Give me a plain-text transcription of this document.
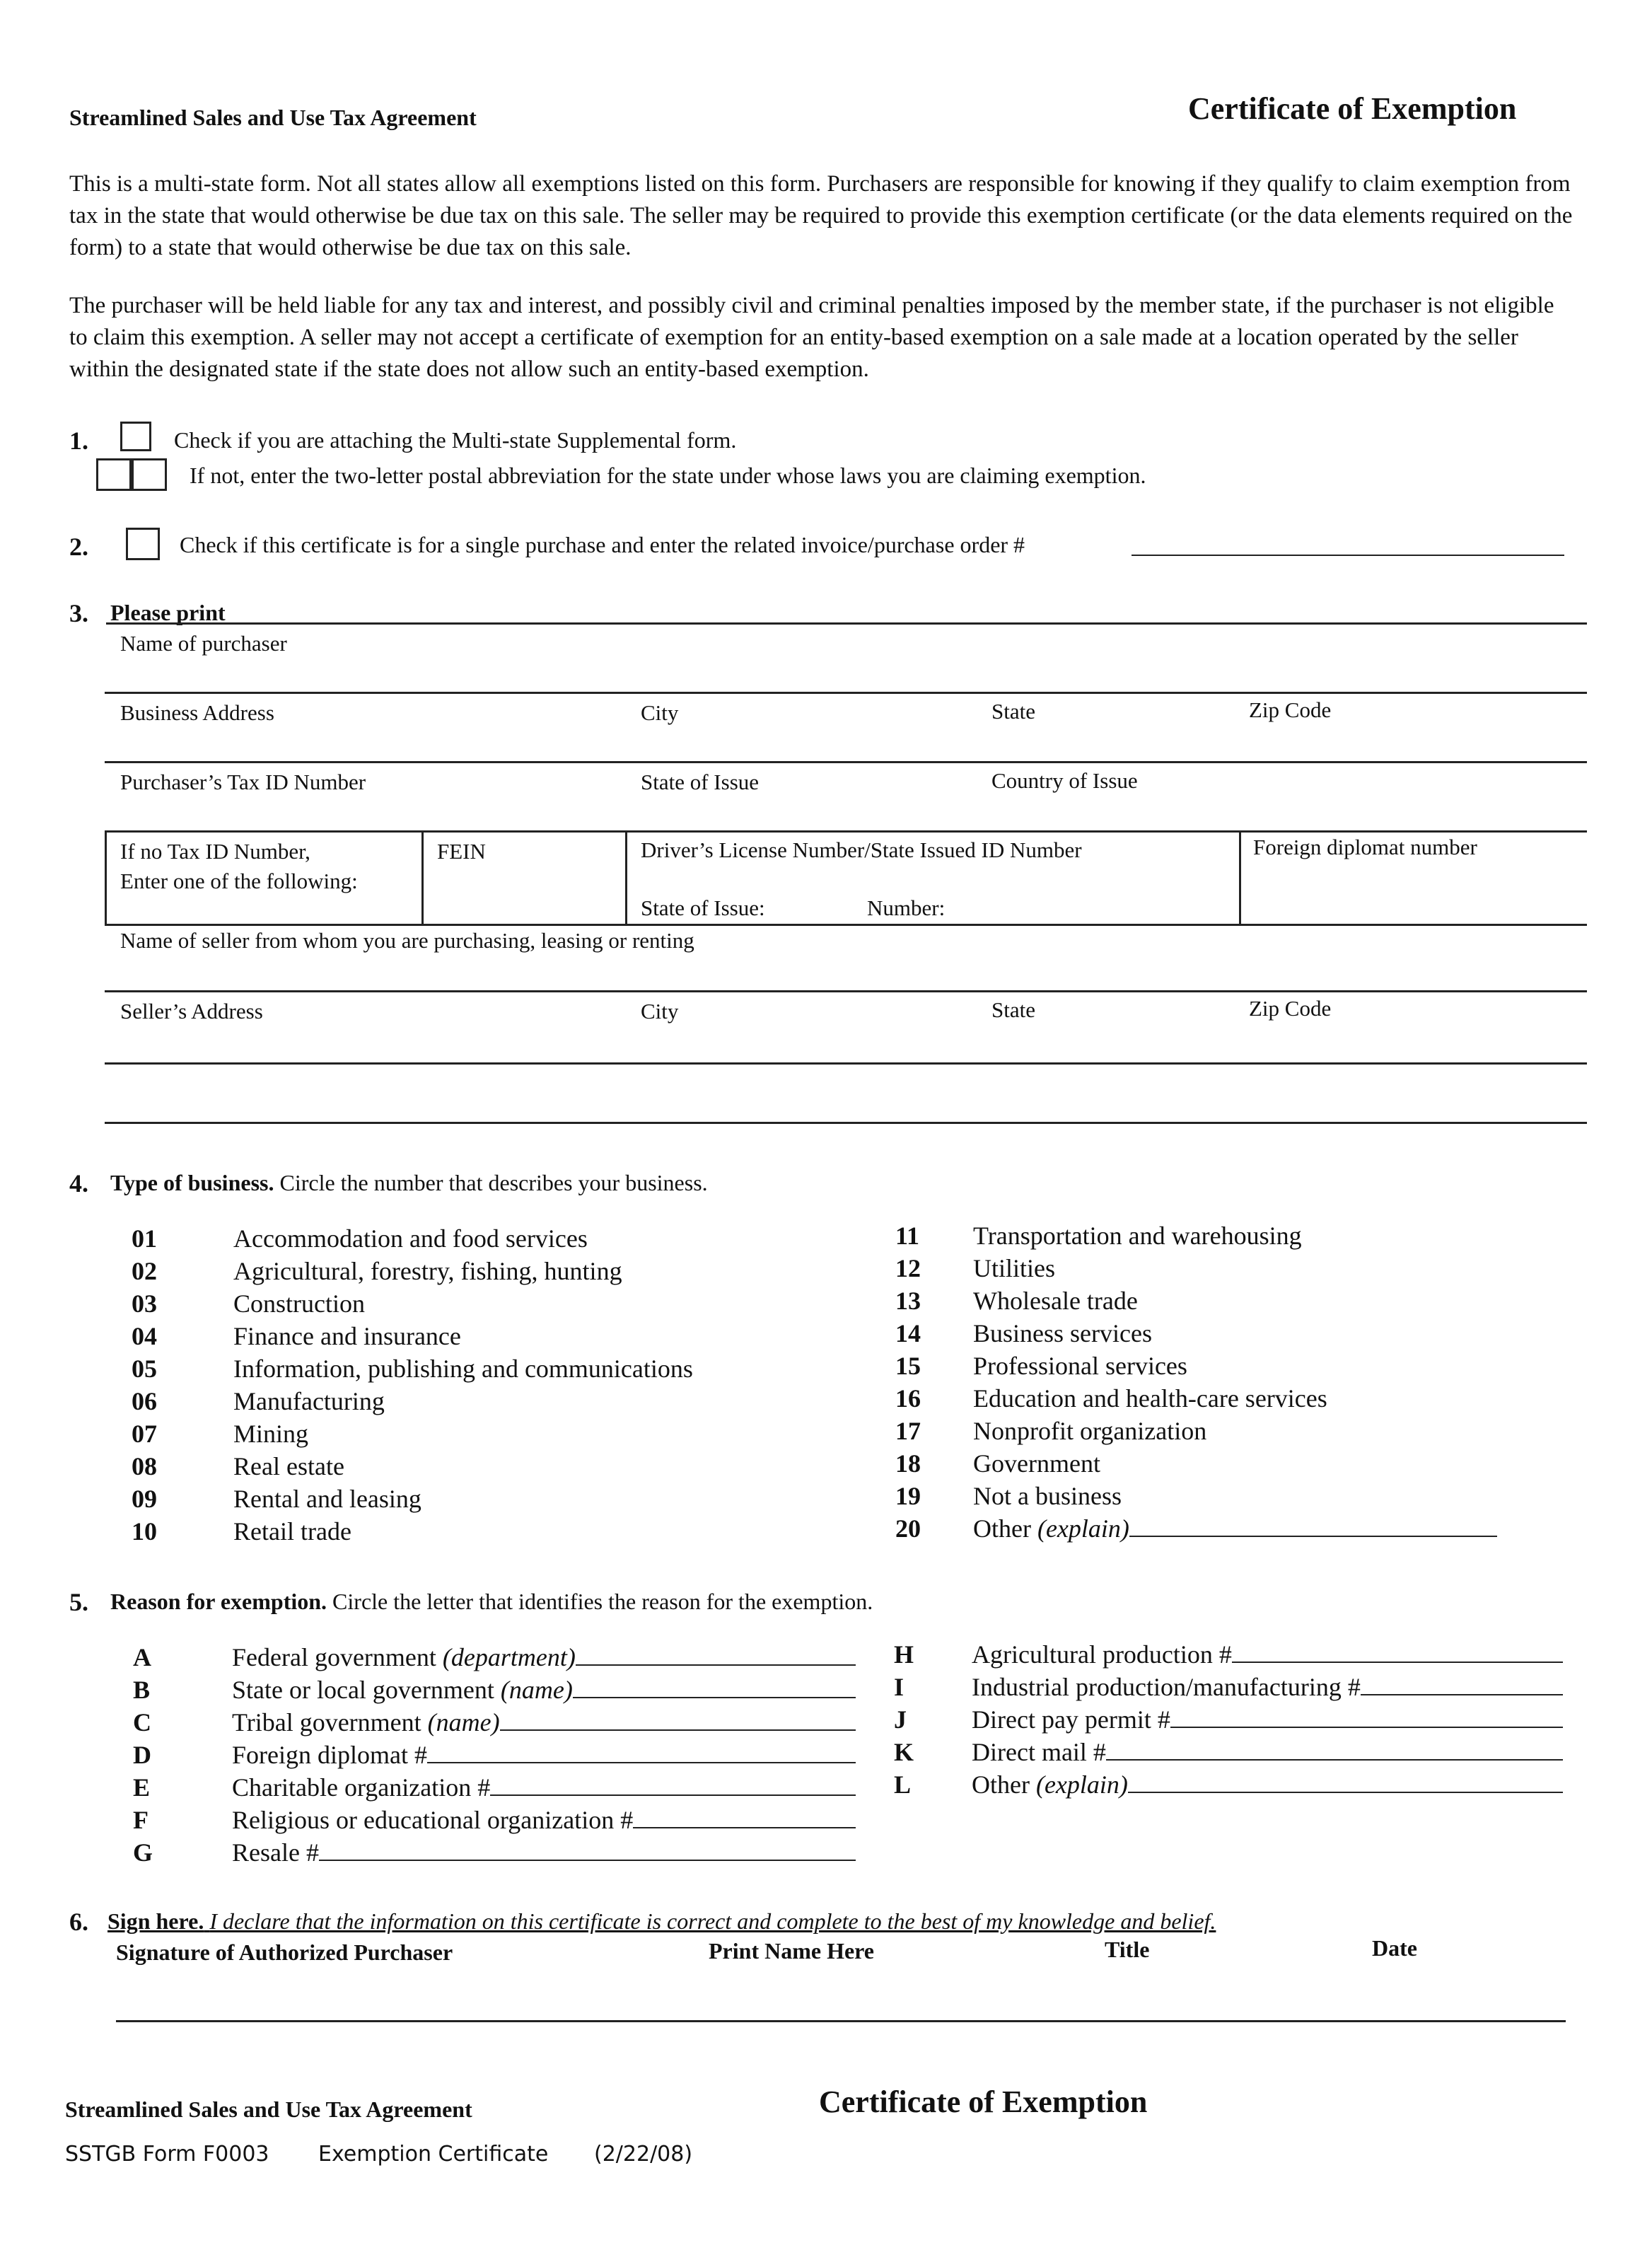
Streamlined Sales and Use Tax Agreement	Certificate of Exemption
This is a multi-state form. Not all states allow all exemptions listed on this form. Purchasers are responsible for knowing if they qualify to claim exemption from tax in the state that would otherwise be due tax on this sale. The seller may be required to provide this exemption certificate (or the data elements required on the form) to a state that would otherwise be due tax on this sale.
The purchaser will be held liable for any tax and interest, and possibly civil and criminal penalties imposed by the member state, if the purchaser is not eligible to claim this exemption. A seller may not accept a certificate of exemption for an entity-based exemption on a sale made at a location operated by the seller within the designated state if the state does not allow such an entity-based exemption.
1.	Check if you are attaching the Multi-state Supplemental form.
If not, enter the two-letter postal abbreviation for the state under whose laws you are claiming exemption.
2.	Check if this certificate is for a single purchase and enter the related invoice/purchase order #
3. Please print
Name of purchaser
Business Address	City	State	Zip Code
Purchaser’s Tax ID Number	State of Issue	Country of Issue
If no Tax ID Number,
Enter one of the following:
FEIN	Driver’s License Number/State Issued ID Number
State of Issue:	Number:
Foreign diplomat number
Name of seller from whom you are purchasing, leasing or renting
Seller’s Address	City	State	Zip Code
4. Type of business. Circle the number that describes your business.
01	Accommodation and food services
02	Agricultural, forestry, fishing, hunting
03	Construction
04	Finance and insurance
05	Information, publishing and communications
06	Manufacturing
07	Mining
08	Real estate
09	Rental and leasing
10	Retail trade
11 Transportation and warehousing
12 Utilities
13 Wholesale trade
14 Business services
15 Professional services
16 Education and health-care services
17 Nonprofit organization
18 Government
19 Not a business
20 Other (explain)
5. Reason for exemption. Circle the letter that identifies the reason for the exemption.
A	Federal government (department)
B	State or local government (name)
C	Tribal government (name)
D	Foreign diplomat #
E	Charitable organization #
F	Religious or educational organization #
G	Resale #
H Agricultural production #
I	Industrial production/manufacturing #
J	Direct pay permit #
K Direct mail #
L Other (explain)
6. Sign here. I declare that the information on this certificate is correct and complete to the best of my knowledge and belief.
Signature of Authorized Purchaser	Print Name Here	Title	Date
Streamlined Sales and Use Tax Agreement	Certificate of Exemption
SSTGB Form F0003 Exemption Certificate (2/22/08)
